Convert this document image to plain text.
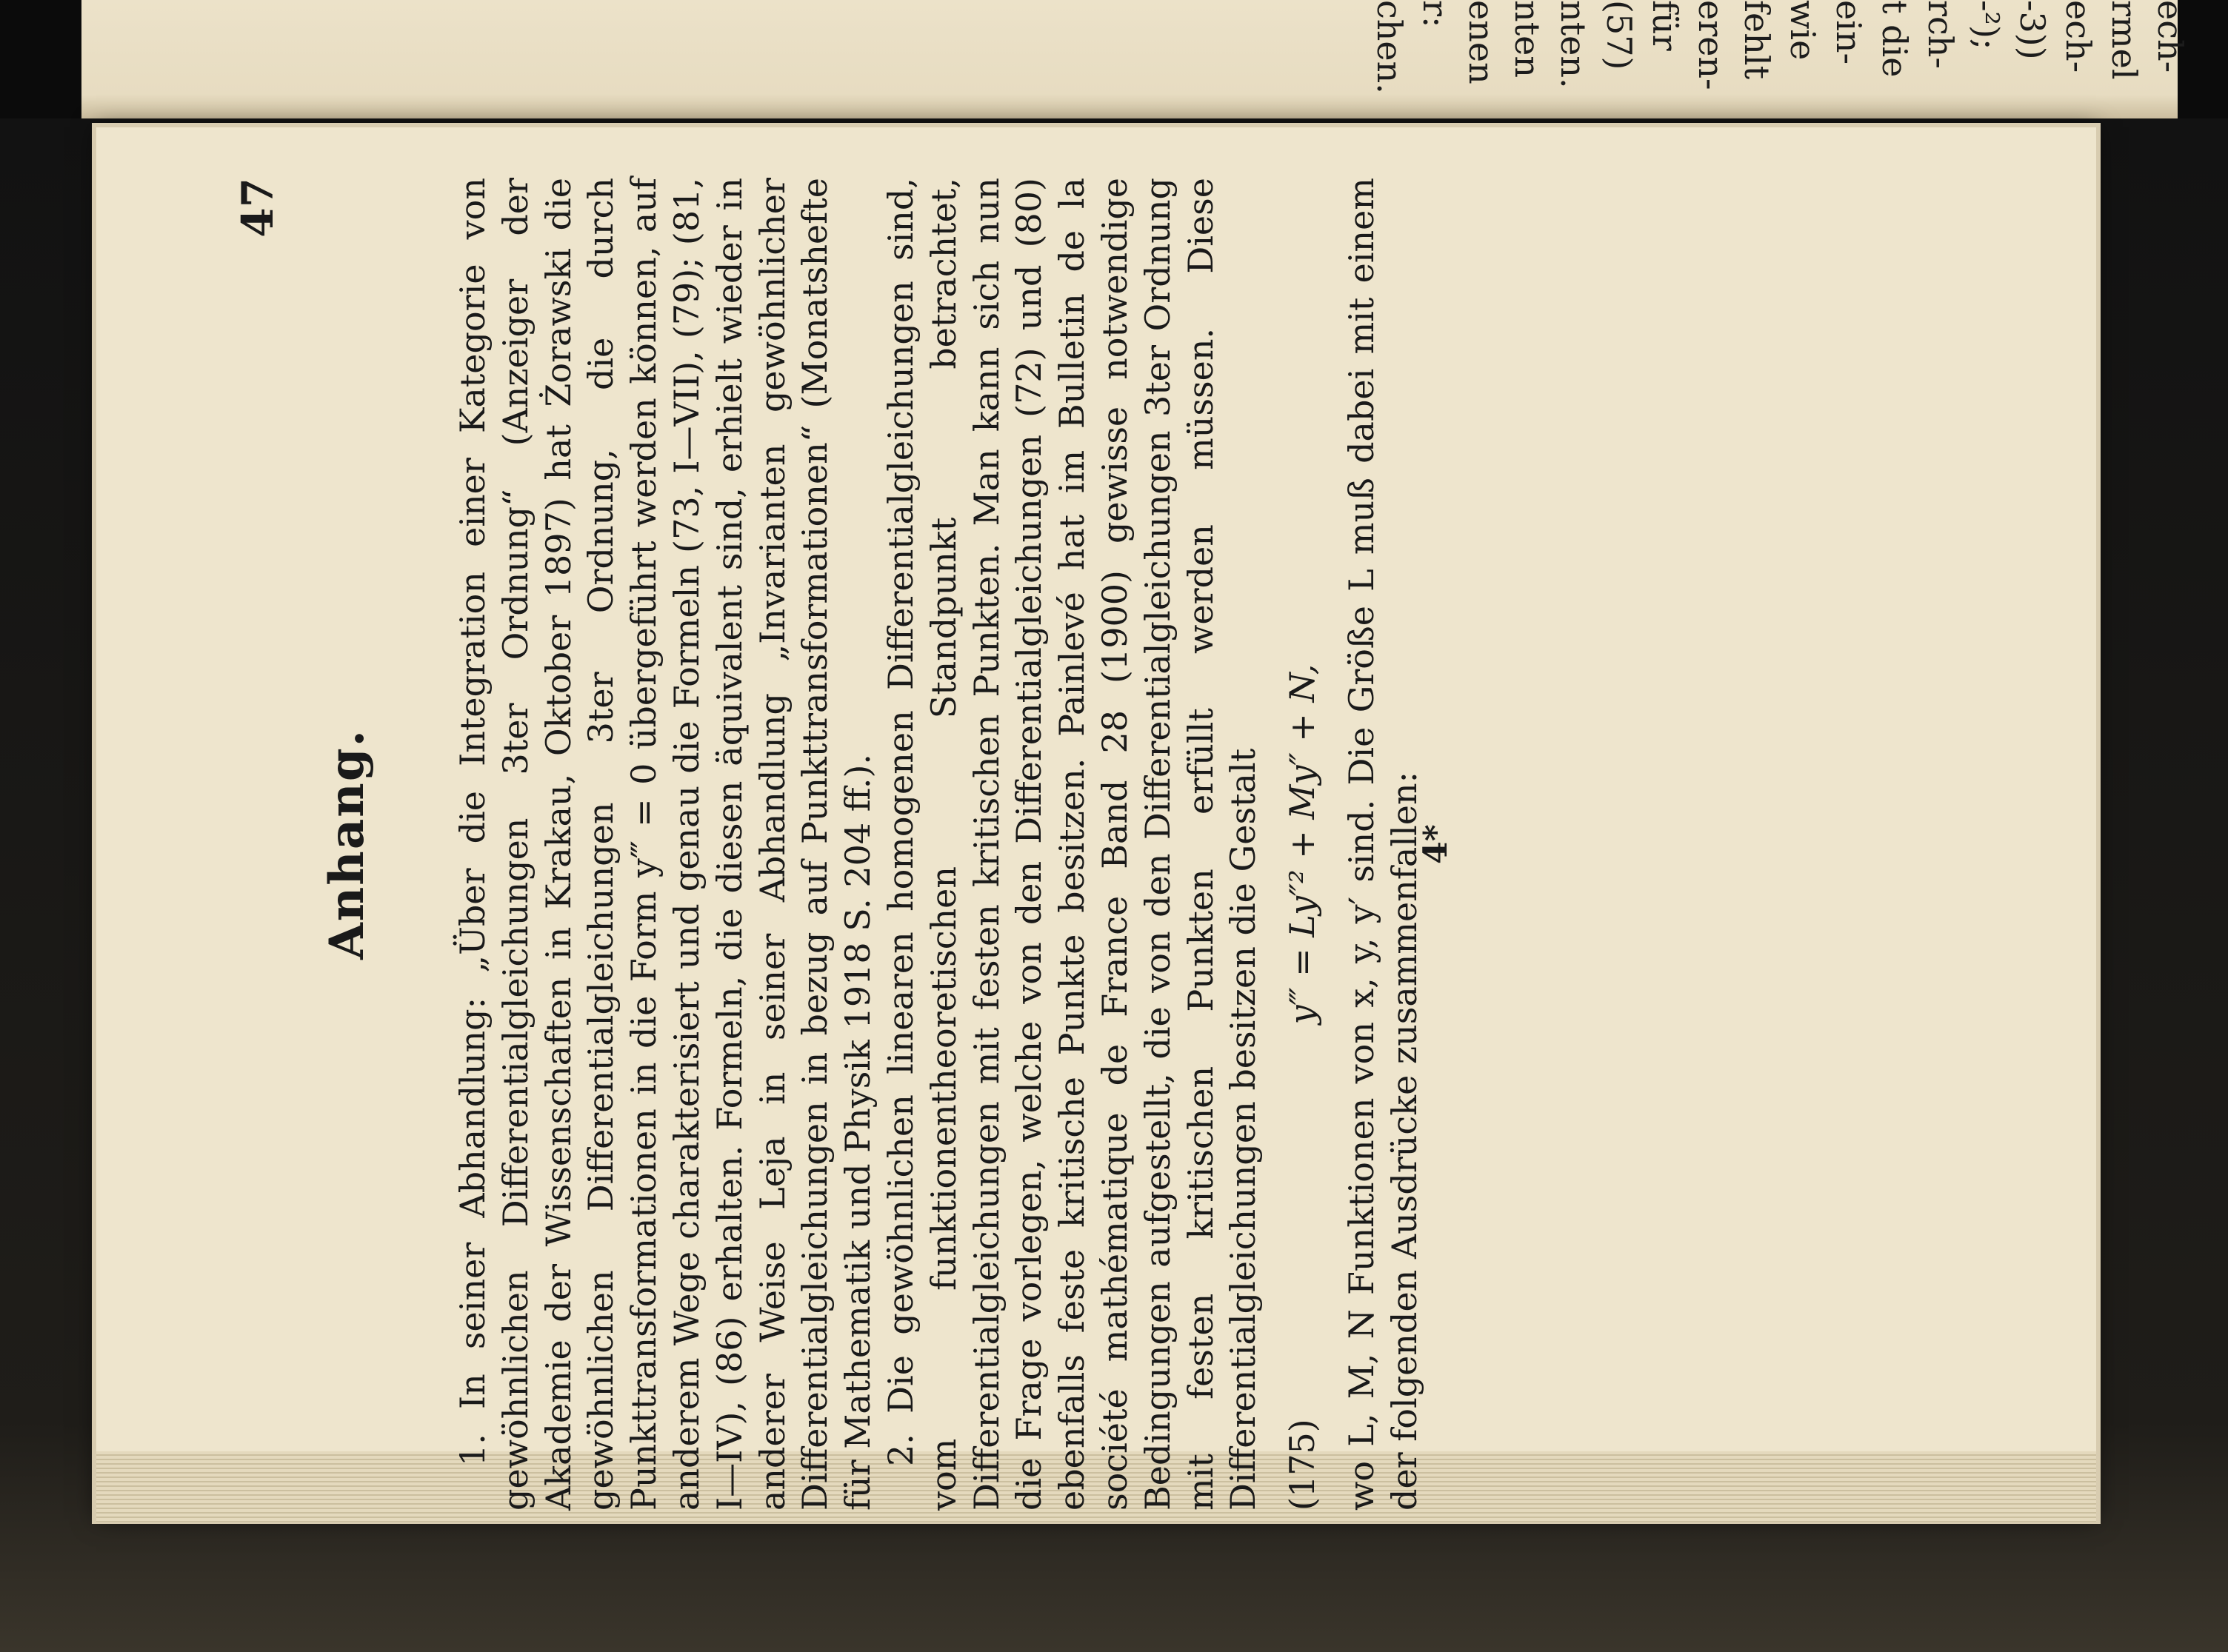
ech-
rmel
ech-
-3))
-²);
rch-
t die
ein-
wie
fehlt
eren-
für
(57)
nten.
nten
enen
r:
chen.
47
Anhang. 1. In seiner Abhandlung: „Über die Integration einer Kategorie von gewöhnlichen Differentialgleichungen 3ter Ordnung“ (Anzeiger der Akademie der Wissenschaften in Krakau, Oktober 1897) hat Żorawski die gewöhnlichen Differentialgleichungen 3ter Ordnung, die durch Punkttransformationen in die Form y‴ = 0 übergeführt werden können, auf anderem Wege charakterisiert und genau die Formeln (73, I—VII), (79); (81, I—IV), (86) erhalten. Formeln, die diesen äquivalent sind, erhielt wieder in anderer Weise Leja in seiner Abhandlung „Invarianten gewöhnlicher Differentialgleichungen in bezug auf Punkttransformationen“ (Monatshefte für Mathematik und Physik 1918 S. 204 ff.). 2. Die gewöhnlichen linearen homogenen Differentialgleichungen sind, vom funktionentheoretischen Standpunkt betrachtet, Differentialgleichungen mit festen kritischen Punkten. Man kann sich nun die Frage vorlegen, welche von den Differentialgleichungen (72) und (80) ebenfalls feste kritische Punkte besitzen. Painlevé hat im Bulletin de la société mathématique de France Band 28 (1900) gewisse notwendige Bedingungen aufgestellt, die von den Differentialgleichungen 3ter Ordnung mit festen kritischen Punkten erfüllt werden müssen. Diese Differentialgleichungen besitzen die Gestalt (175)
y‴ = Ly″² + My″ + N, wo L, M, N Funktionen von x, y, y′ sind. Die Größe L muß dabei mit einem der folgenden Ausdrücke zusammenfallen:

4*
